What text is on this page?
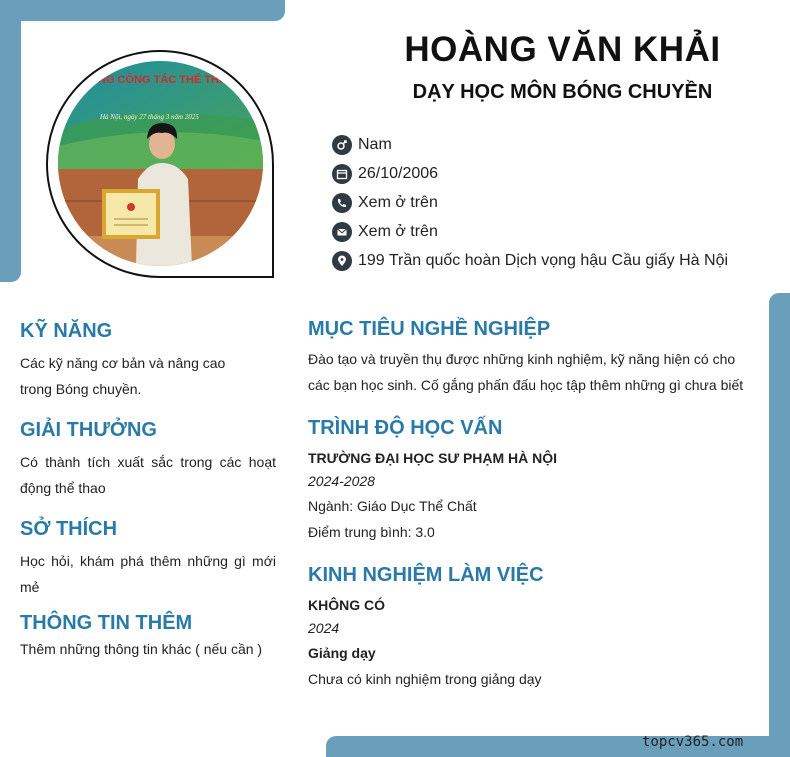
NG CÔNG TÁC THỂ THAO
Hà Nội, ngày 27 tháng 3 năm 2025
HOÀNG VĂN KHẢI
DẠY HỌC MÔN BÓNG CHUYỀN
Nam
26/10/2006
Xem ở trên
Xem ở trên
199 Trần quốc hoàn Dịch vọng hậu Cầu giấy Hà Nội
KỸ NĂNG
Các kỹ năng cơ bản và nâng cao trong Bóng chuyền.
GIẢI THƯỞNG
Có thành tích xuất sắc trong các hoạt động thể thao
SỞ THÍCH
Học hỏi, khám phá thêm những gì mới mẻ
THÔNG TIN THÊM
Thêm những thông tin khác ( nếu cần )
MỤC TIÊU NGHỀ NGHIỆP
Đào tạo và truyền thụ được những kinh nghiệm, kỹ năng hiện có cho các bạn học sinh. Cố gắng phấn đấu học tập thêm những gì chưa biết
TRÌNH ĐỘ HỌC VẤN
TRƯỜNG ĐẠI HỌC SƯ PHẠM HÀ NỘI
2024-2028
Ngành: Giáo Dục Thể Chất
Điểm trung bình: 3.0
KINH NGHIỆM LÀM VIỆC
KHÔNG CÓ
2024
Giảng dạy
Chưa có kinh nghiệm trong giảng dạy
topcv365.com
